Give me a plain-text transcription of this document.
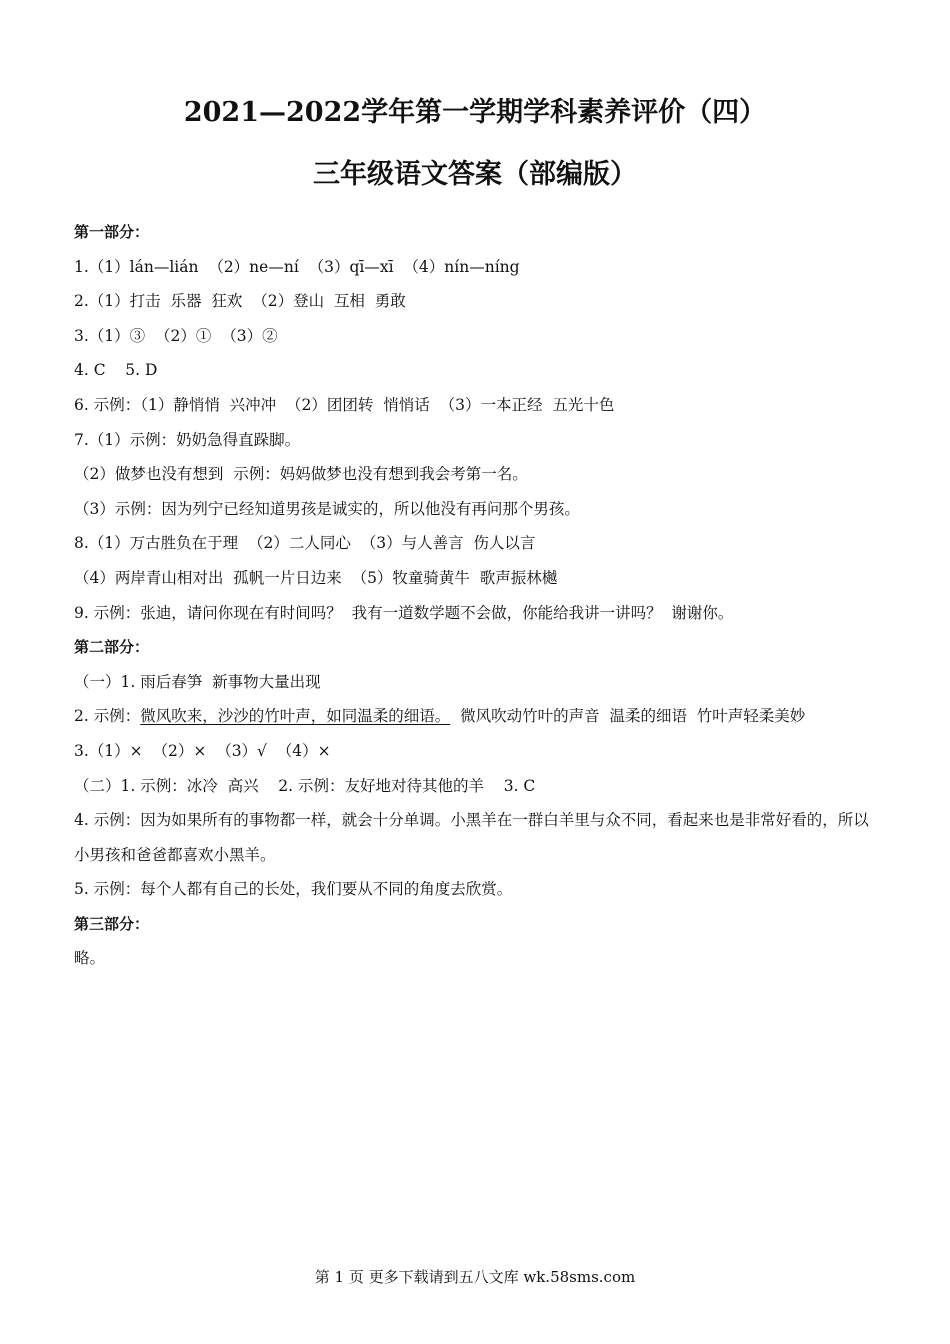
2021—2022学年第一学期学科素养评价（四）
三年级语文答案（部编版）

第一部分：

1.（1）lán—lián  （2）ne—ní  （3）qī—xī  （4）nín—níng

2.（1）打击  乐器  狂欢  （2）登山  互相  勇敢

3.（1）③  （2）①  （3）②

4. C    5. D

6. 示例：（1）静悄悄  兴冲冲  （2）团团转  悄悄话  （3）一本正经  五光十色

7.（1）示例：奶奶急得直跺脚。

（2）做梦也没有想到  示例：妈妈做梦也没有想到我会考第一名。

（3）示例：因为列宁已经知道男孩是诚实的，所以他没有再问那个男孩。

8.（1）万古胜负在于理  （2）二人同心  （3）与人善言  伤人以言

（4）两岸青山相对出  孤帆一片日边来  （5）牧童骑黄牛  歌声振林樾

9. 示例：张迪，请问你现在有时间吗？  我有一道数学题不会做，你能给我讲一讲吗？  谢谢你。

第二部分：

（一）1. 雨后春笋  新事物大量出现

2. 示例：微风吹来，沙沙的竹叶声，如同温柔的细语。  微风吹动竹叶的声音  温柔的细语  竹叶声轻柔美妙

3.（1）×  （2）×  （3）√  （4）×

（二）1. 示例：冰冷  高兴    2. 示例：友好地对待其他的羊    3. C

4. 示例：因为如果所有的事物都一样，就会十分单调。小黑羊在一群白羊里与众不同，看起来也是非常好看的，所以小男孩和爸爸都喜欢小黑羊。

5. 示例：每个人都有自己的长处，我们要从不同的角度去欣赏。

第三部分：

略。

第 1 页 更多下载请到五八文库 wk.58sms.com
